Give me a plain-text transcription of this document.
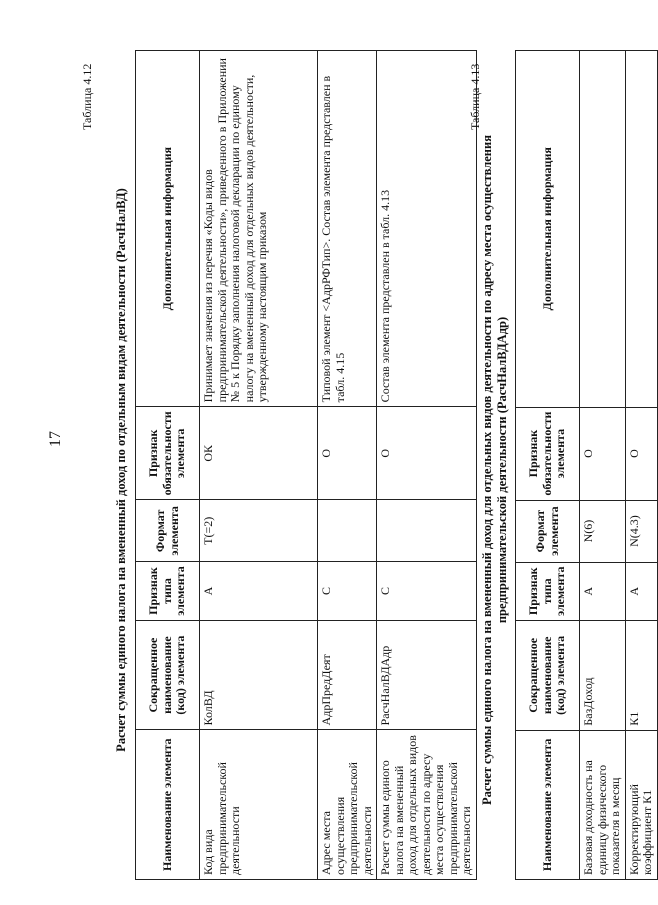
17
Таблица 4.12
Расчет суммы единого налога на вмененный доход по отдельным видам деятельности (РасчНалВД)
Наименование элемента	Сокращенное наименование (код) элемента	Признак типа элемента	Формат элемента	Признак обязательности элемента	Дополнительная информация
Код вида предпринимательской деятельности	КолВД	А	T(=2)	ОК	Принимает значения из перечня «Коды видов предпринимательской деятельности», приведенного в Приложении № 5 к Порядку заполнения налоговой декларации по единому налогу на вмененный доход для отдельных видов деятельности, утвержденному настоящим приказом
Адрес места осуществления предпринимательской деятельности	АдрПредДеят	С		О	Типовой элемент <АдрРФТип>. Состав элемента представлен в табл. 4.15
Расчет суммы единого налога на вмененный доход для отдельных видов деятельности по адресу места осуществления предпринимательской деятельности	РасчНалВДАдр	С		О	Состав элемента представлен в табл. 4.13
Таблица 4.13
Расчет суммы единого налога на вмененный доход для отдельных видов деятельности по адресу места осуществления предпринимательской деятельности (РасчНалВДАдр)
Наименование элемента	Сокращенное наименование (код) элемента	Признак типа элемента	Формат элемента	Признак обязательности элемента	Дополнительная информация
Базовая доходность на единицу физического показателя в месяц	БазДоход	А	N(6)	О	
Корректирующий коэффициент К1	К1	А	N(4.3)	О	
